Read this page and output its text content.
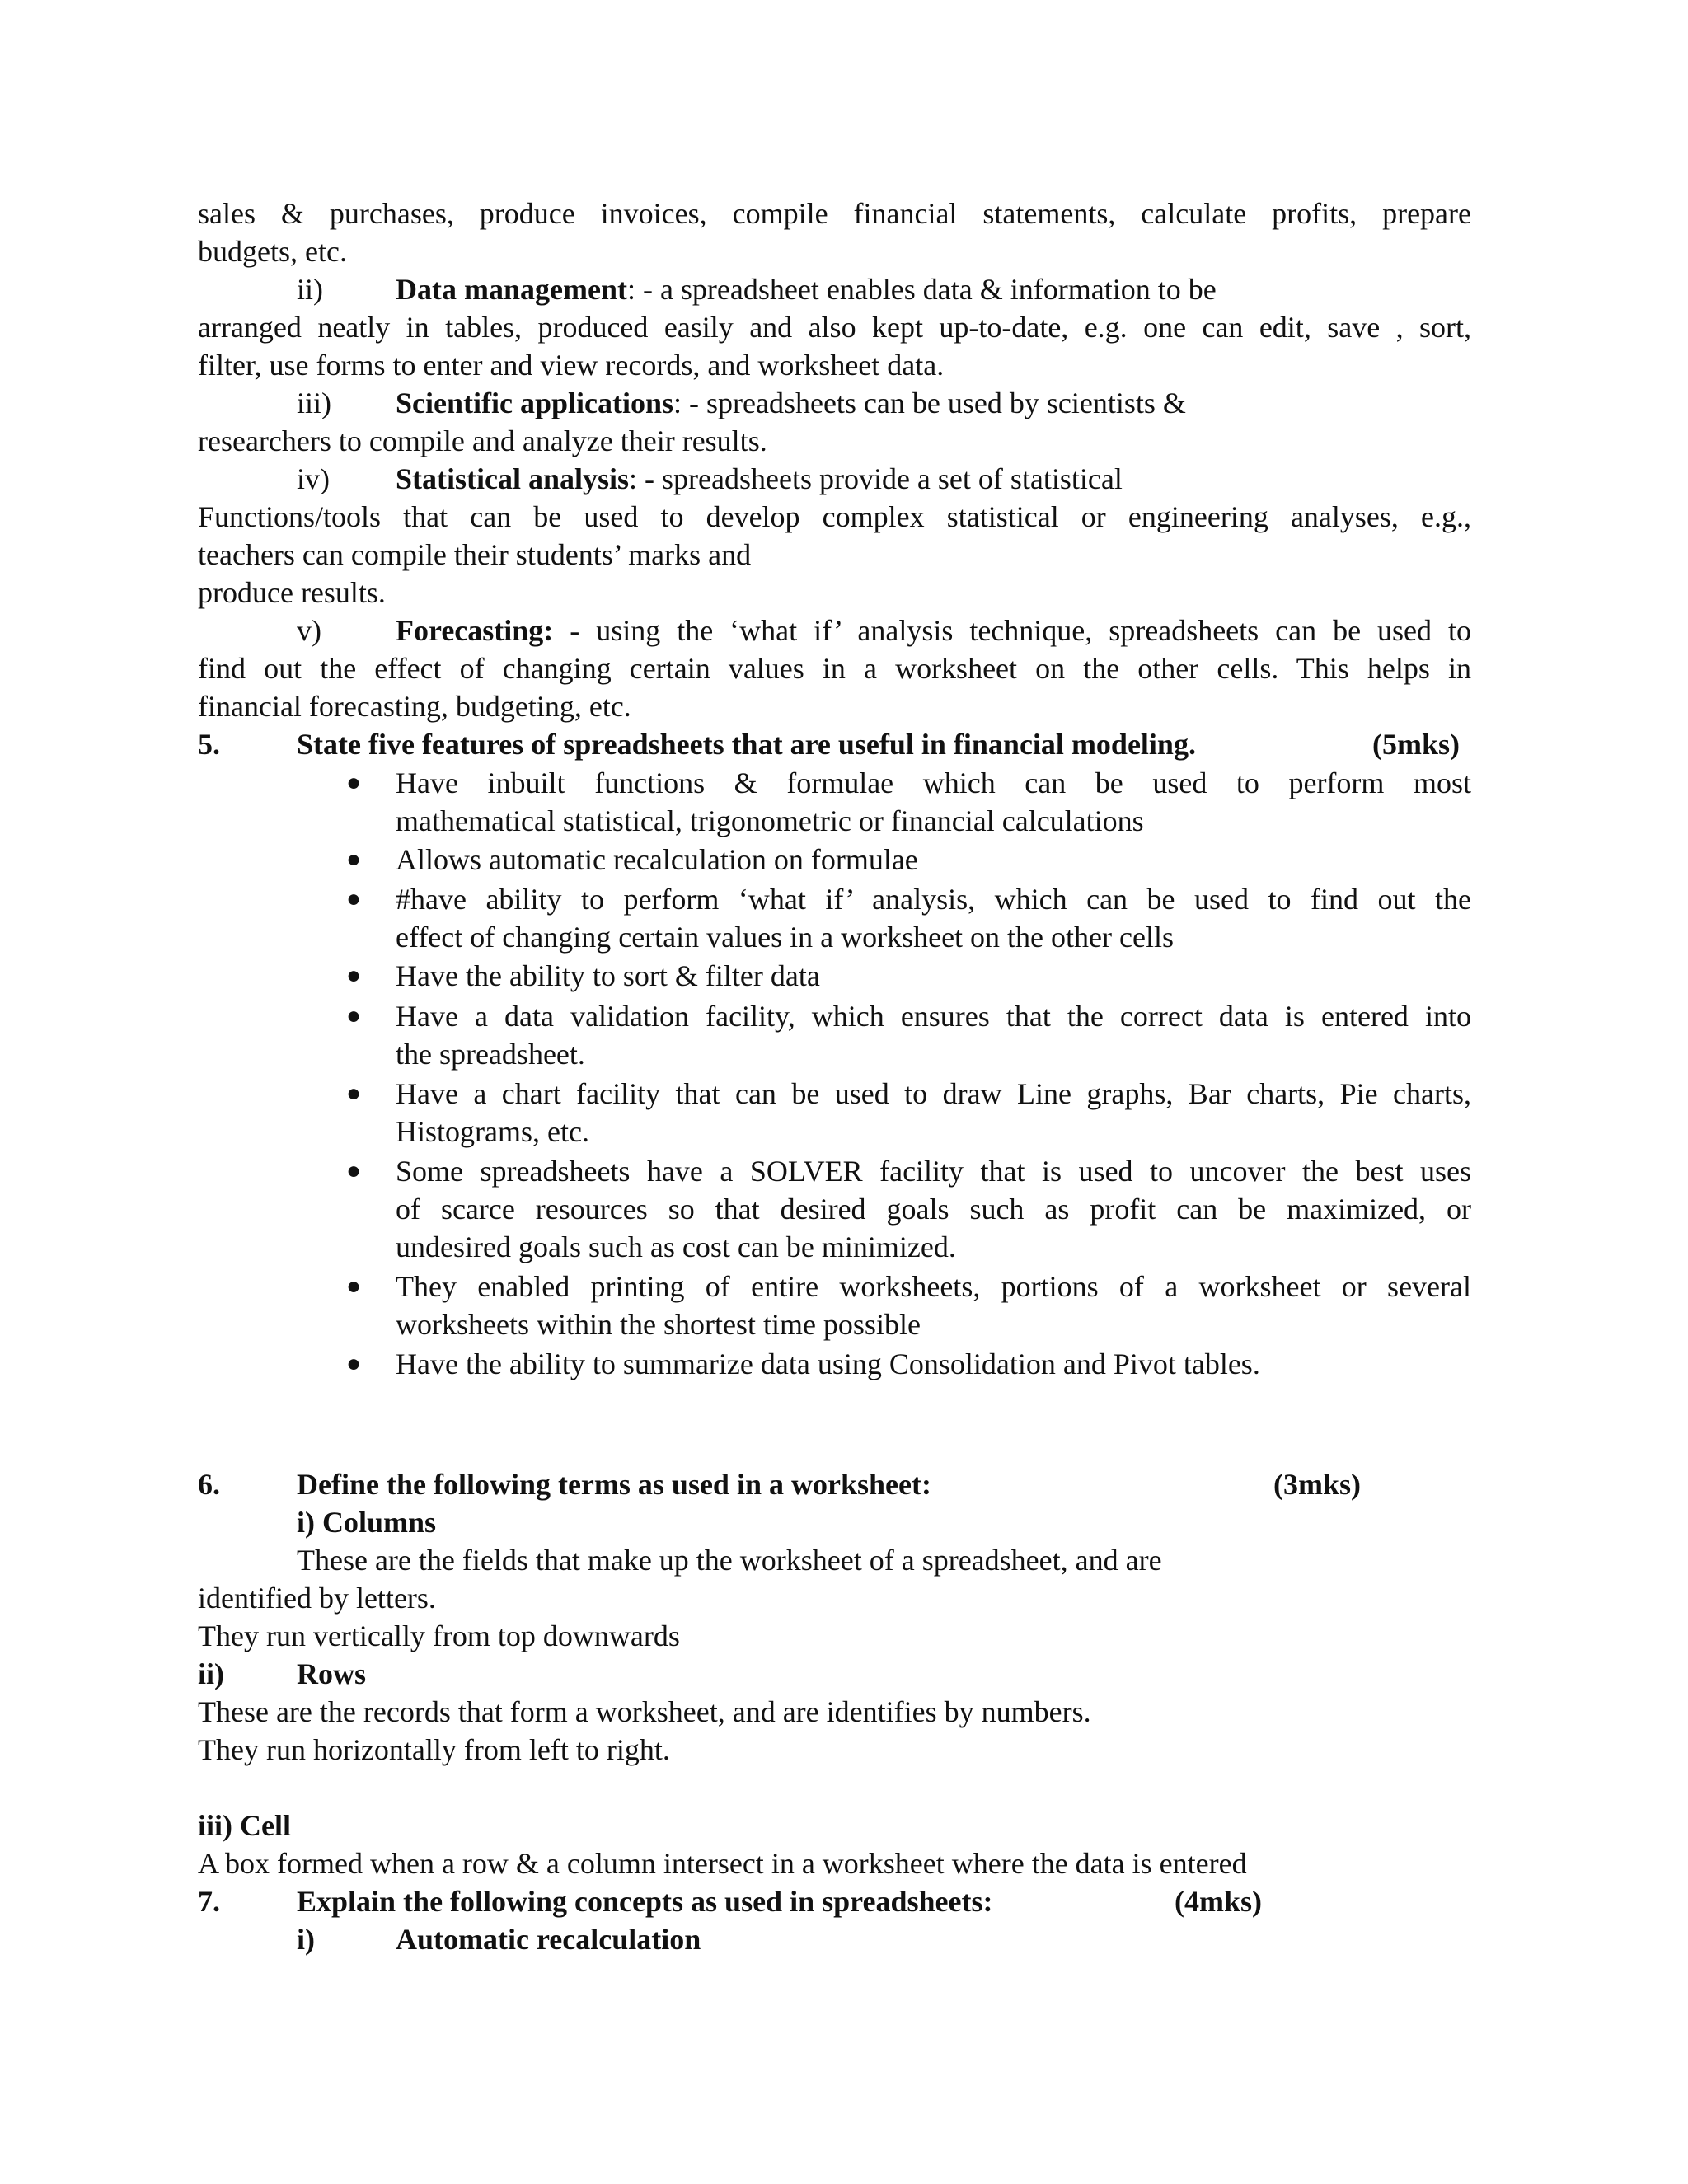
sales & purchases, produce invoices, compile financial statements, calculate profits, prepare
budgets, etc.
ii) Data management: - a spreadsheet enables data & information to be
arranged neatly in tables, produced easily and also kept up-to-date, e.g. one can edit, save , sort,
filter, use forms to enter and view records, and worksheet data.
iii) Scientific applications: - spreadsheets can be used by scientists &
researchers to compile and analyze their results.
iv) Statistical analysis: - spreadsheets provide a set of statistical
Functions/tools that can be used to develop complex statistical or engineering analyses, e.g.,
teachers can compile their students’ marks and
produce results.
v)	Forecasting: - using the ‘what if’ analysis technique, spreadsheets can be used to
find out the effect of changing certain values in a worksheet on the other cells. This helps in
financial forecasting, budgeting, etc.
5.	State five features of spreadsheets that are useful in financial modeling.	(5mks)
● Have inbuilt functions & formulae which can be used to perform most
mathematical statistical, trigonometric or financial calculations
● Allows automatic recalculation on formulae
● #have ability to perform ‘what if’ analysis, which can be used to find out the
effect of changing certain values in a worksheet on the other cells
● Have the ability to sort & filter data
● Have a data validation facility, which ensures that the correct data is entered into
the spreadsheet.
● Have a chart facility that can be used to draw Line graphs, Bar charts, Pie charts,
Histograms, etc.
● Some spreadsheets have a SOLVER facility that is used to uncover the best uses
of scarce resources so that desired goals such as profit can be maximized, or
undesired goals such as cost can be minimized.
● They enabled printing of entire worksheets, portions of a worksheet or several
worksheets within the shortest time possible
● Have the ability to summarize data using Consolidation and Pivot tables.
6.	Define the following terms as used in a worksheet:	(3mks)
i) Columns
These are the fields that make up the worksheet of a spreadsheet, and are
identified by letters.
They run vertically from top downwards
ii) Rows
These are the records that form a worksheet, and are identifies by numbers.
They run horizontally from left to right.
iii) Cell
A box formed when a row & a column intersect in a worksheet where the data is entered
7.	Explain the following concepts as used in spreadsheets:	(4mks)
i)	Automatic recalculation
